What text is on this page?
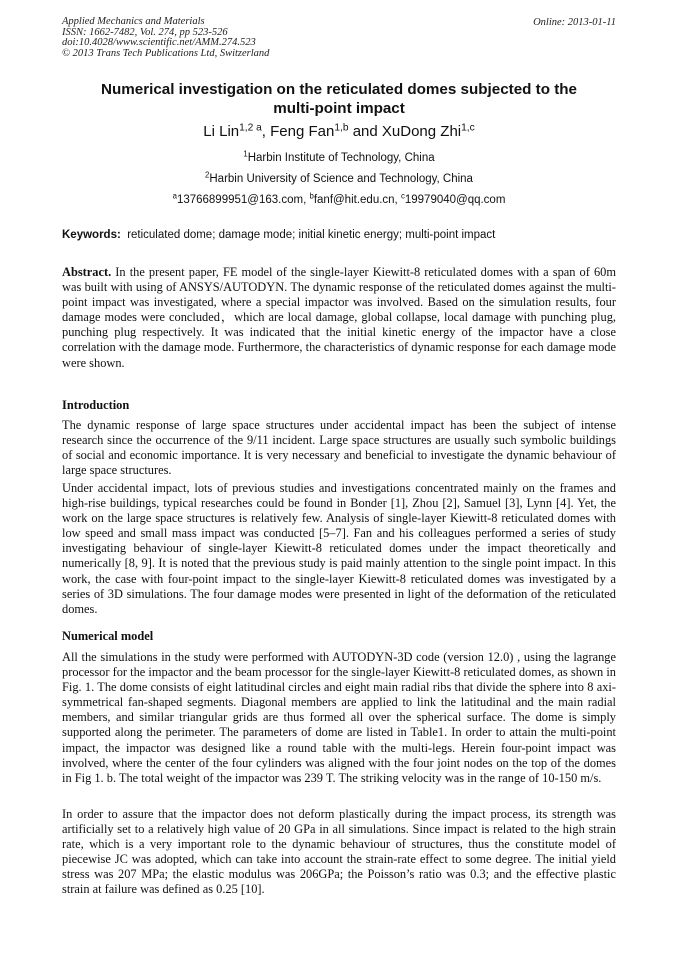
Applied Mechanics and Materials
ISSN: 1662-7482, Vol. 274, pp 523-526
doi:10.4028/www.scientific.net/AMM.274.523
© 2013 Trans Tech Publications Ltd, Switzerland
Online: 2013-01-11
Numerical investigation on the reticulated domes subjected to the
multi-point impact
Li Lin$^{1,2 a}$, Feng Fan$^{1,b}$ and XuDong Zhi$^{1,c}$
$^1$Harbin Institute of Technology, China
$^2$Harbin University of Science and Technology, China
$^a$13766899951@163.com, $^b$fanf@hit.edu.cn, $^c$19979040@qq.com
Keywords: reticulated dome; damage mode; initial kinetic energy; multi-point impact

Abstract. In the present paper, FE model of the single-layer Kiewitt-8 reticulated domes with a span of 60m was built with using of ANSYS/AUTODYN. The dynamic response of the reticulated domes against the multi-point impact was investigated, where a special impactor was involved. Based on the simulation results, four damage modes were concluded，which are local damage, global collapse, local damage with punching plug, punching plug respectively. It was indicated that the initial kinetic energy of the impactor have a close correlation with the damage mode. Furthermore, the characteristics of dynamic response for each damage mode were shown.

Introduction

The dynamic response of large space structures under accidental impact has been the subject of intense research since the occurrence of the 9/11 incident. Large space structures are usually such symbolic buildings of social and economic importance. It is very necessary and beneficial to investigate the dynamic behaviour of large space structures.

Under accidental impact, lots of previous studies and investigations concentrated mainly on the frames and high-rise buildings, typical researches could be found in Bonder [1], Zhou [2], Samuel [3], Lynn [4]. Yet, the work on the large space structures is relatively few. Analysis of single-layer Kiewitt-8 reticulated domes with low speed and small mass impact was conducted [5–7]. Fan and his colleagues performed a series of study investigating behaviour of single-layer Kiewitt-8 reticulated domes under the impact theoretically and numerically [8, 9]. It is noted that the previous study is paid mainly attention to the single point impact. In this work, the case with four-point impact to the single-layer Kiewitt-8 reticulated domes was investigated by a series of 3D simulations. The four damage modes were presented in light of the deformation of the reticulated domes.

Numerical model

All the simulations in the study were performed with AUTODYN-3D code (version 12.0) , using the lagrange processor for the impactor and the beam processor for the single-layer Kiewitt-8 reticulated domes, as shown in Fig. 1. The dome consists of eight latitudinal circles and eight main radial ribs that divide the sphere into 8 axi-symmetrical fan-shaped segments. Diagonal members are applied to link the latitudinal and the main radial members, and similar triangular grids are thus formed all over the spherical surface. The dome is simply supported along the perimeter. The parameters of dome are listed in Table1. In order to attain the multi-point impact, the impactor was designed like a round table with the multi-legs. Herein four-point impact was involved, where the center of the four cylinders was aligned with the four joint nodes on the top of the domes in Fig 1. b. The total weight of the impactor was 239 T. The striking velocity was in the range of 10-150 m/s.

In order to assure that the impactor does not deform plastically during the impact process, its strength was artificially set to a relatively high value of 20 GPa in all simulations. Since impact is related to the high strain rate, which is a very important role to the dynamic behaviour of structures, thus the constitute model of piecewise JC was adopted, which can take into account the strain-rate effect to some degree. The initial yield stress was 207 MPa; the elastic modulus was 206GPa; the Poisson’s ratio was 0.3; and the effective plastic strain at failure was defined as 0.25 [10].
